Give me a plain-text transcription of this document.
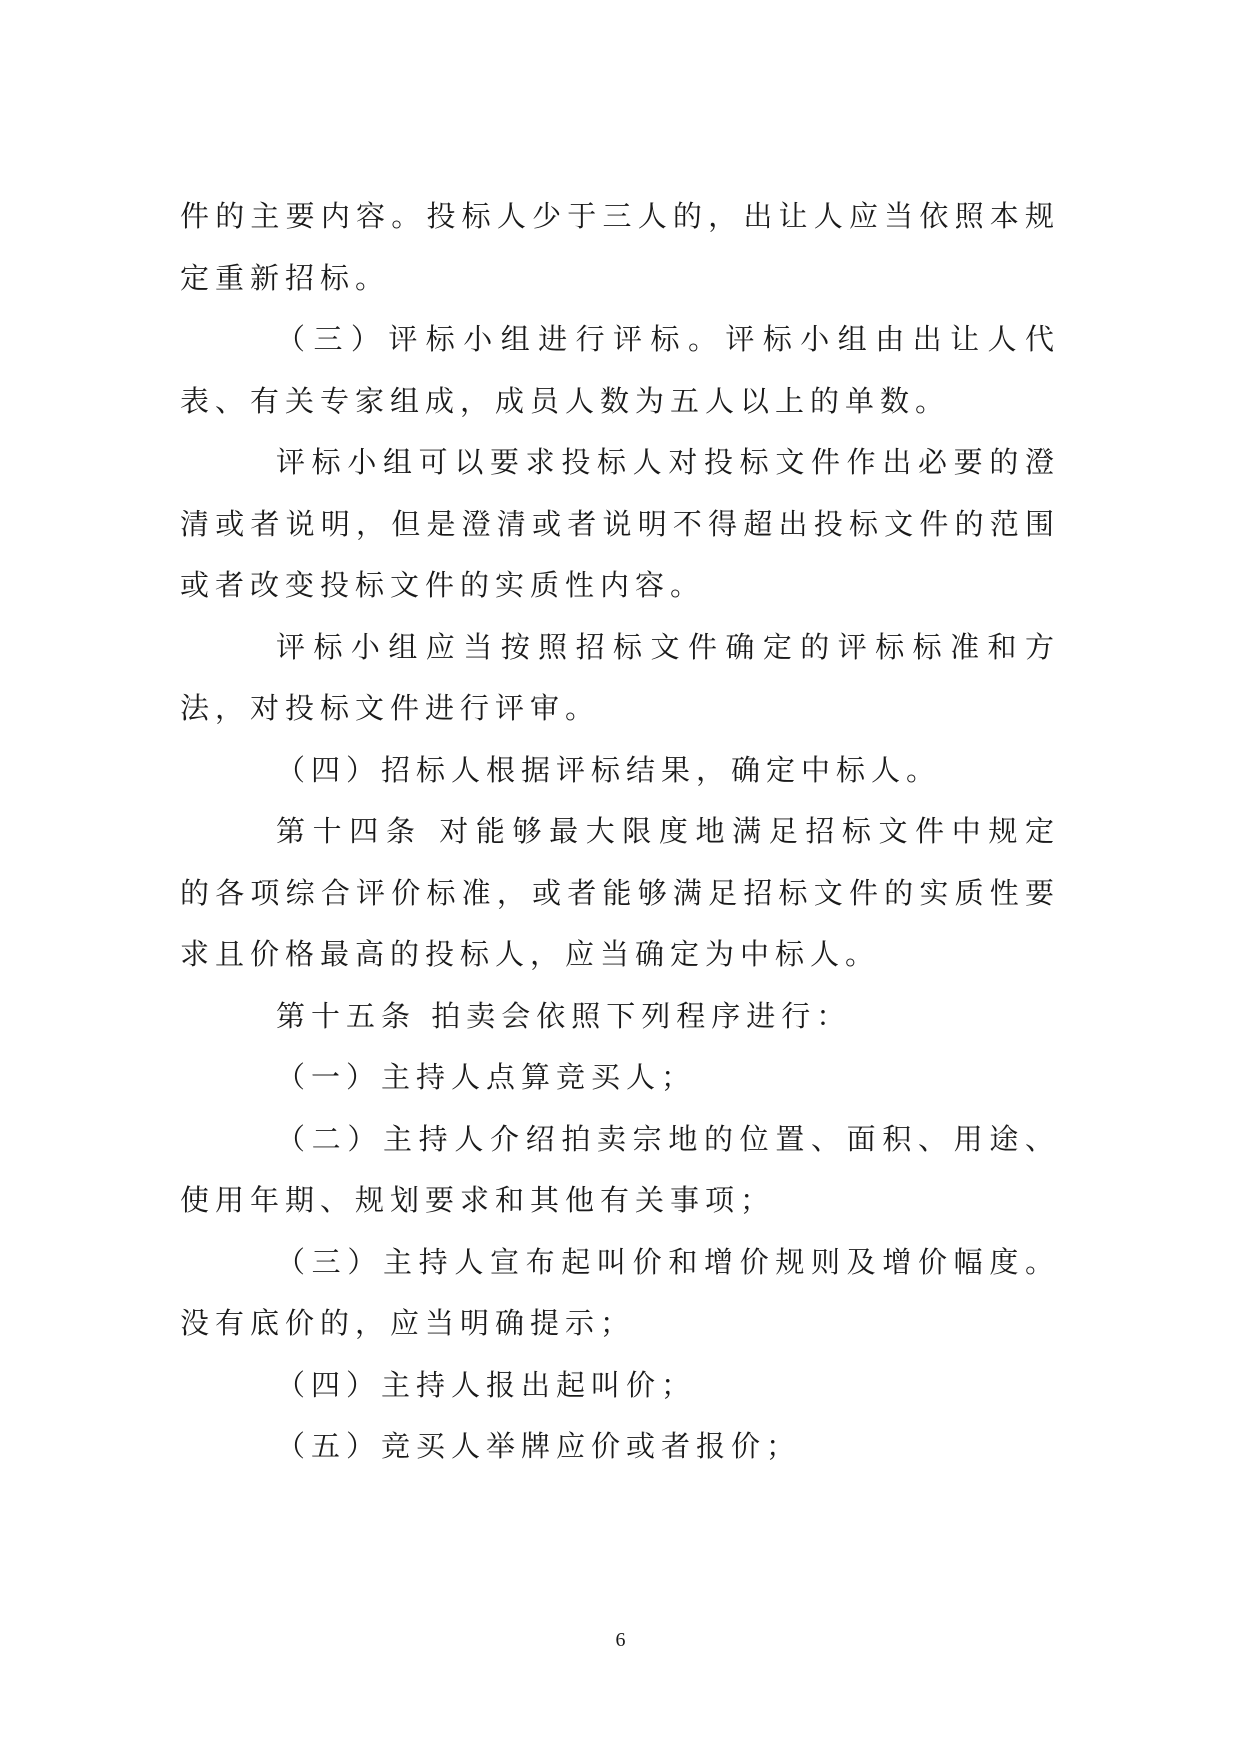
件的主要内容。投标人少于三人的，出让人应当依照本规定重新招标。

（三）评标小组进行评标。评标小组由出让人代表、有关专家组成，成员人数为五人以上的单数。

评标小组可以要求投标人对投标文件作出必要的澄清或者说明，但是澄清或者说明不得超出投标文件的范围或者改变投标文件的实质性内容。

评标小组应当按照招标文件确定的评标标准和方法，对投标文件进行评审。

（四）招标人根据评标结果，确定中标人。

第十四条 对能够最大限度地满足招标文件中规定的各项综合评价标准，或者能够满足招标文件的实质性要求且价格最高的投标人，应当确定为中标人。

第十五条 拍卖会依照下列程序进行：

（一）主持人点算竞买人；

（二）主持人介绍拍卖宗地的位置、面积、用途、使用年期、规划要求和其他有关事项；

（三）主持人宣布起叫价和增价规则及增价幅度。没有底价的，应当明确提示；

（四）主持人报出起叫价；

（五）竞买人举牌应价或者报价；

6
